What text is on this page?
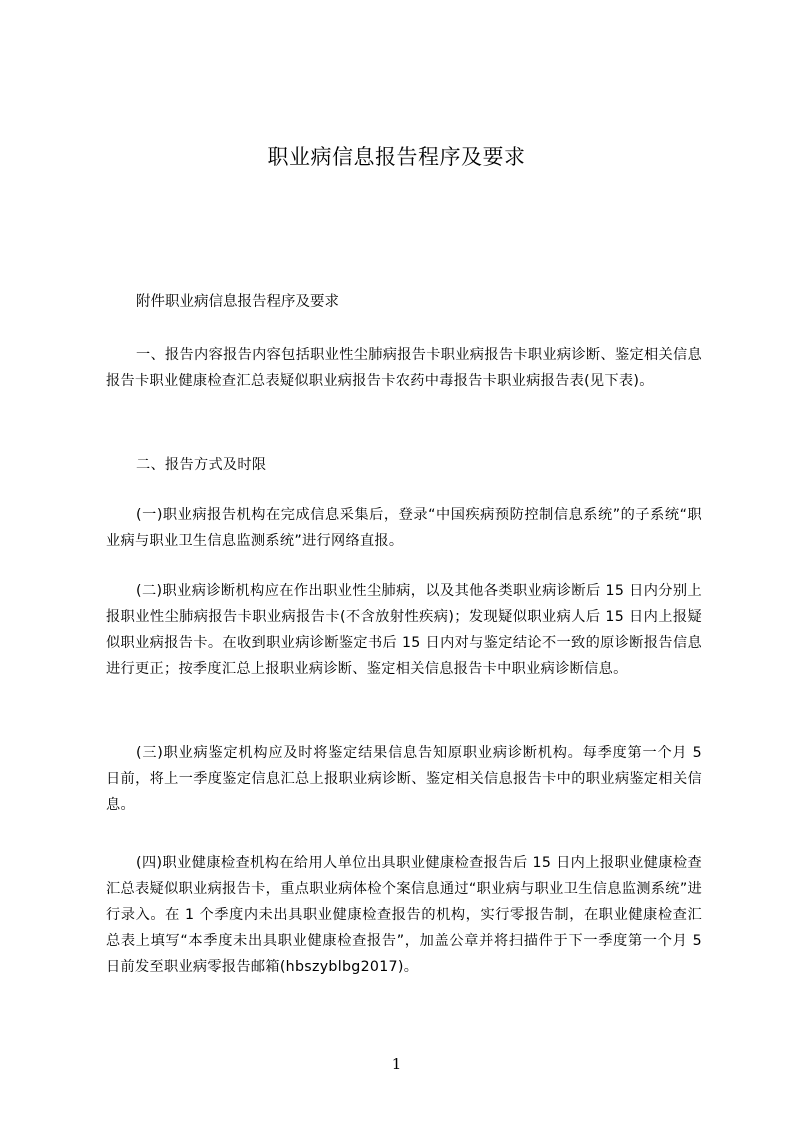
职业病信息报告程序及要求

附件职业病信息报告程序及要求

一、报告内容报告内容包括职业性尘肺病报告卡职业病报告卡职业病诊断、鉴定相关信息报告卡职业健康检查汇总表疑似职业病报告卡农药中毒报告卡职业病报告表(见下表)。

二、报告方式及时限

(一)职业病报告机构在完成信息采集后，登录“中国疾病预防控制信息系统”的子系统“职业病与职业卫生信息监测系统”进行网络直报。

(二)职业病诊断机构应在作出职业性尘肺病，以及其他各类职业病诊断后 15 日内分别上报职业性尘肺病报告卡职业病报告卡(不含放射性疾病)；发现疑似职业病人后 15 日内上报疑似职业病报告卡。在收到职业病诊断鉴定书后 15 日内对与鉴定结论不一致的原诊断报告信息进行更正；按季度汇总上报职业病诊断、鉴定相关信息报告卡中职业病诊断信息。

(三)职业病鉴定机构应及时将鉴定结果信息告知原职业病诊断机构。每季度第一个月 5 日前，将上一季度鉴定信息汇总上报职业病诊断、鉴定相关信息报告卡中的职业病鉴定相关信息。

(四)职业健康检查机构在给用人单位出具职业健康检查报告后 15 日内上报职业健康检查汇总表疑似职业病报告卡，重点职业病体检个案信息通过“职业病与职业卫生信息监测系统”进行录入。在 1 个季度内未出具职业健康检查报告的机构，实行零报告制，在职业健康检查汇总表上填写“本季度未出具职业健康检查报告”，加盖公章并将扫描件于下一季度第一个月 5 日前发至职业病零报告邮箱(hbszyblbg2017)。

1
